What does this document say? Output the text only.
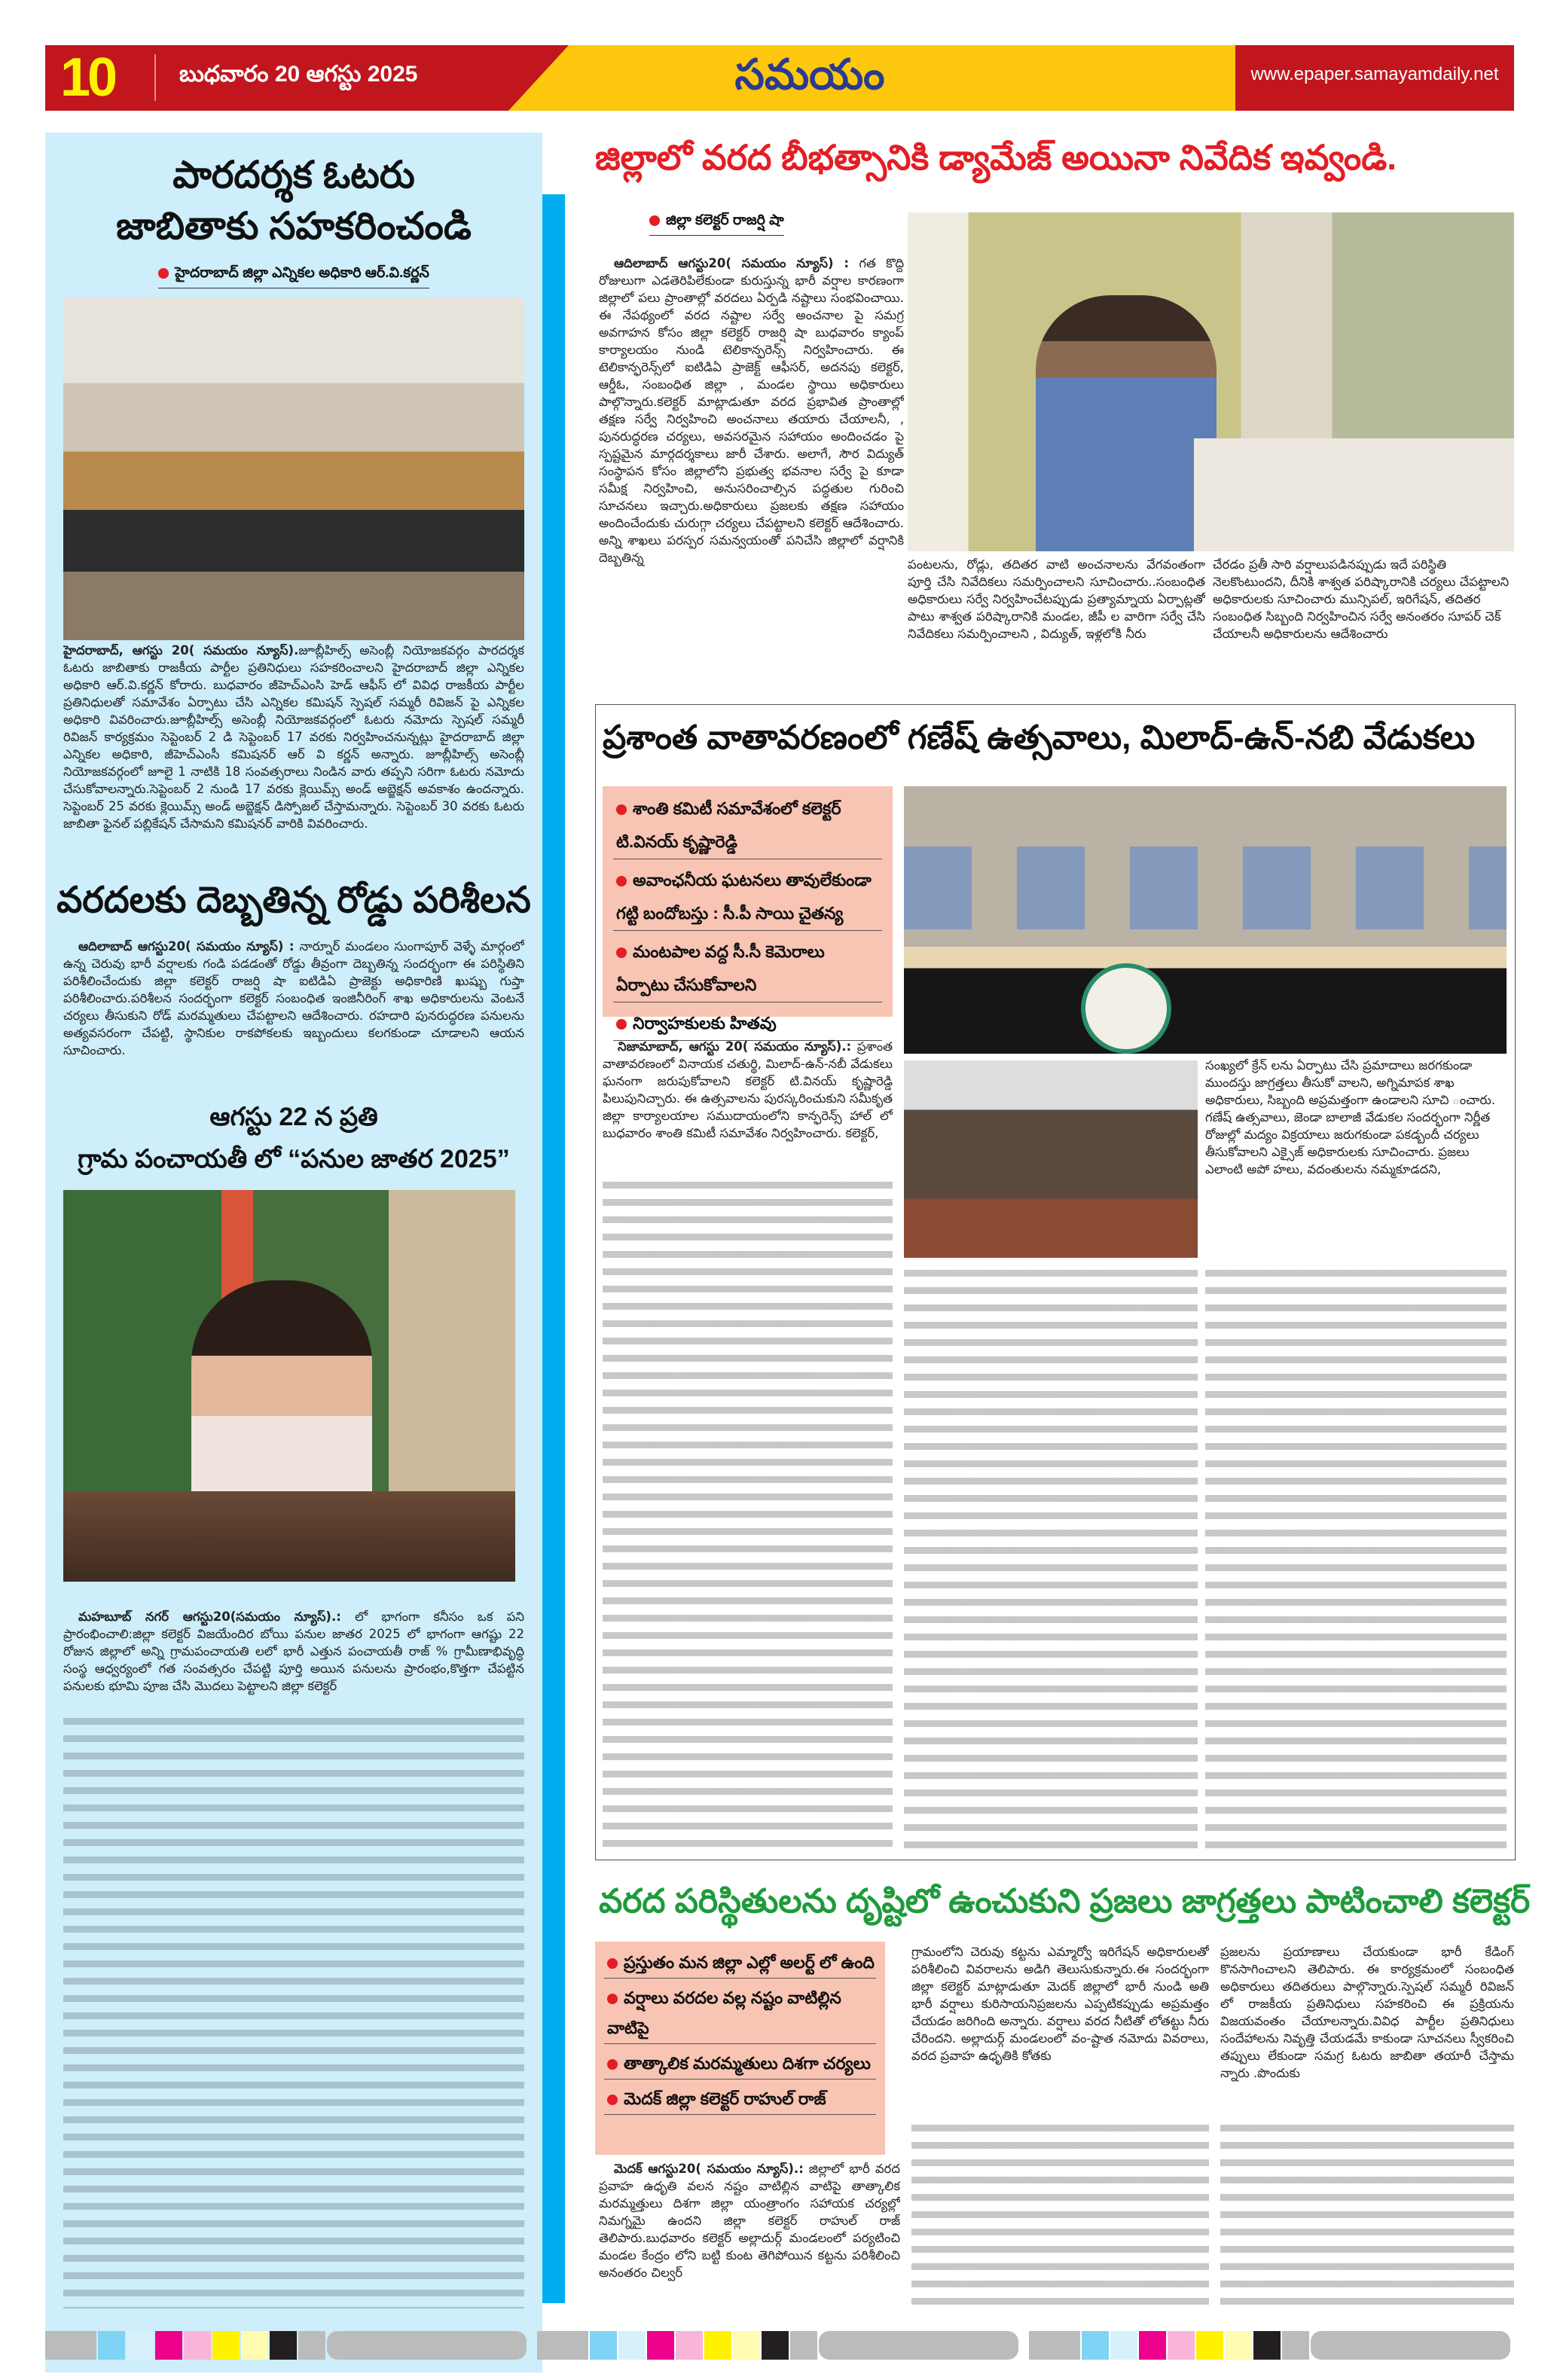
10	బుధవారం 20 ఆగస్టు 2025	సమయం	www.epaper.samayamdaily.net
పారదర్శక ఓటరు
జాబితాకు సహకరించండి
హైదరాబాద్ జిల్లా ఎన్నికల అధికారి ఆర్.వి.కర్ణన్
హైదరాబాద్, ఆగస్టు 20( సమయం న్యూస్).జూబ్లీహిల్స్ అసెంబ్లీ నియోజకవర్గం పారదర్శక ఓటరు జాబితాకు రాజకీయ పార్టీల ప్రతినిధులు సహకరించాలని హైదరాబాద్ జిల్లా ఎన్నికల అధికారి ఆర్.వి.కర్ణన్ కోరారు. బుధవారం జీహెచ్ఎంసి హెడ్ ఆఫీస్ లో వివిధ రాజకీయ పార్టీల ప్రతినిధులతో సమావేశం ఏర్పాటు చేసి ఎన్నికల కమిషన్ స్పెషల్ సమ్మరీ రివిజన్ పై ఎన్నికల అధికారి వివరించారు.జూబ్లీహిల్స్ అసెంబ్లీ నియోజకవర్గంలో ఓటరు నమోదు స్పెషల్ సమ్మరీ రివిజన్ కార్యక్రమం సెప్టెంబర్ 2 డి సెప్టెంబర్ 17 వరకు నిర్వహించనున్నట్లు హైదరాబాద్ జిల్లా ఎన్నికల అధికారి, జీహెచ్ఎంసీ కమిషనర్ ఆర్ వి కర్ణన్ అన్నారు. జూబ్లీహిల్స్ అసెంబ్లీ నియోజకవర్గంలో జూలై 1 నాటికి 18 సంవత్సరాలు నిండిన వారు తప్పని సరిగా ఓటరు నమోదు చేసుకోవాలన్నారు.సెప్టెంబర్ 2 నుండి 17 వరకు క్లెయిమ్స్ అండ్ అబ్జెక్షన్ అవకాశం ఉందన్నారు. సెప్టెంబర్ 25 వరకు క్లెయిమ్స్ అండ్ అబ్జెక్షన్ డిస్పోజల్ చేస్తామన్నారు. సెప్టెంబర్ 30 వరకు ఓటరు జాబితా ఫైనల్ పబ్లికేషన్ చేసామని కమిషనర్ వారికి వివరించారు.
వరదలకు దెబ్బతిన్న రోడ్డు పరిశీలన
ఆదిలాబాద్ ఆగస్టు20( సమయం న్యూస్) : నార్నూర్ మండలం సుంగాపూర్ వెళ్ళే మార్గంలో ఉన్న చెరువు భారీ వర్షాలకు గండి పడడంతో రోడ్డు తీవ్రంగా దెబ్బతిన్న సందర్భంగా ఈ పరిస్థితిని పరిశీలించేందుకు జిల్లా కలెక్టర్ రాజర్షి షా ఐటిడిఏ ప్రాజెక్టు అధికారిణి ఖుష్బు గుప్తా పరిశీలించారు.పరిశీలన సందర్భంగా కలెక్టర్ సంబంధిత ఇంజినీరింగ్ శాఖ అధికారులను వెంటనే చర్యలు తీసుకుని రోడ్ మరమ్మతులు చేపట్టాలని ఆదేశించారు. రహదారి పునరుద్ధరణ పనులను అత్యవసరంగా చేపట్టి, స్థానికుల రాకపోకలకు ఇబ్బందులు కలగకుండా చూడాలని ఆయన సూచించారు.
ఆగస్టు 22 న ప్రతి
గ్రామ పంచాయతీ లో “పనుల జాతర 2025”
మహబూబ్ నగర్ ఆగస్టు20(సమయం న్యూస్).: లో భాగంగా కనీసం ఒక పని ప్రారంభించాలి:జిల్లా కలెక్టర్ విజయేందిర బోయి పనుల జాతర 2025 లో భాగంగా ఆగష్టు 22 రోజున జిల్లాలో అన్ని గ్రామపంచాయతి లలో భారీ ఎత్తున పంచాయతీ రాజ్ % గ్రామీణాభివృద్ధి సంస్థ ఆధ్వర్యంలో గత సంవత్సరం చేపట్టి పూర్తి అయిన పనులను ప్రారంభం,కొత్తగా చేపట్టిన పనులకు భూమి పూజ చేసి మొదలు పెట్టాలని జిల్లా కలెక్టర్
జిల్లాలో వరద బీభత్సానికి డ్యామేజ్ అయినా నివేదిక ఇవ్వండి.
జిల్లా కలెక్టర్ రాజర్షి షా
ఆదిలాబాద్ ఆగస్టు20( సమయం న్యూస్) : గత కొద్ది రోజులుగా ఎడతెరిపిలేకుండా కురుస్తున్న భారీ వర్షాల కారణంగా జిల్లాలో పలు ప్రాంతాల్లో వరదలు ఏర్పడి నష్టాలు సంభవించాయి. ఈ నేపథ్యంలో వరద నష్టాల సర్వే అంచనాల పై సమగ్ర అవగాహన కోసం జిల్లా కలెక్టర్ రాజర్షి షా బుధవారం క్యాంప్ కార్యాలయం నుండి టెలికాన్ఫరెన్స్ నిర్వహించారు. ఈ టెలికాన్ఫరెన్స్‌లో ఐటిడిఏ ప్రాజెక్ట్ ఆఫీసర్, అదనపు కలెక్టర్, ఆర్డీఓ, సంబంధిత జిల్లా , మండల స్థాయి అధికారులు పాల్గొన్నారు.కలెక్టర్ మాట్లాడుతూ వరద ప్రభావిత ప్రాంతాల్లో తక్షణ సర్వే నిర్వహించి అంచనాలు తయారు చేయాలనీ, , పునరుద్ధరణ చర్యలు, అవసరమైన సహాయం అందించడం పై స్పష్టమైన మార్గదర్శకాలు జారీ చేశారు. అలాగే, సౌర విద్యుత్ సంస్థాపన కోసం జిల్లాలోని ప్రభుత్వ భవనాల సర్వే పై కూడా సమీక్ష నిర్వహించి, అనుసరించాల్సిన పద్ధతుల గురించి సూచనలు ఇచ్చారు.అధికారులు ప్రజలకు తక్షణ సహాయం అందించేందుకు చురుగ్గా చర్యలు చేపట్టాలని కలెక్టర్ ఆదేశించారు. అన్ని శాఖలు పరస్పర సమన్వయంతో పనిచేసి జిల్లాలో వర్షానికి దెబ్బతిన్న	పంటలను, రోడ్లు, తదితర వాటి అంచనాలను వేగవంతంగా పూర్తి చేసి నివేదికలు సమర్పించాలని సూచించారు..సంబంధిత అధికారులు సర్వే నిర్వహించేటప్పుడు ప్రత్యామ్నాయ ఏర్పాట్లతో పాటు శాశ్వత పరిష్కారానికి మండల, జీపీ ల వారిగా సర్వే చేసి నివేదికలు సమర్పించాలని , విద్యుత్, ఇళ్లలోకి నీరు
చేరడం ప్రతీ సారి వర్షాలుపడినప్పుడు ఇదే పరిస్థితి నెలకొంటుందని, దీనికి శాశ్వత పరిష్కారానికి చర్యలు చేపట్టాలని అధికారులకు సూచించారు మున్సిపల్, ఇరిగేషన్, తదితర సంబంధిత సిబ్బంది నిర్వహించిన సర్వే అనంతరం సూపర్ చెక్ చేయాలనీ అధికారులను ఆదేశించారు
ప్రశాంత వాతావరణంలో గణేష్ ఉత్సవాలు, మిలాద్-ఉన్-నబి వేడుకలు
శాంతి కమిటీ సమావేశంలో కలెక్టర్ టి.వినయ్ కృష్ణారెడ్డి
అవాంఛనీయ ఘటనలు తావులేకుండా గట్టి బందోబస్తు : సీ.పీ సాయి చైతన్య
మంటపాల వద్ద సీ.సీ కెమెరాలు ఏర్పాటు చేసుకోవాలని
నిర్వాహకులకు హితవు
నిజామాబాద్, ఆగస్టు 20( సమయం న్యూస్).: ప్రశాంత వాతావరణంలో వినాయక చతుర్థి, మిలాద్-ఉన్-నబీ వేడుకలు ఘనంగా జరుపుకోవాలని కలెక్టర్ టి.వినయ్ కృష్ణారెడ్డి పిలుపునిచ్చారు. ఈ ఉత్సవాలను పురస్కరించుకుని సమీకృత జిల్లా కార్యాలయాల సముదాయంలోని కాన్ఫరెన్స్ హాల్ లో బుధవారం శాంతి కమిటీ సమావేశం నిర్వహించారు. కలెక్టర్,
సంఖ్యలో క్రేన్ లను ఏర్పాటు చేసి ప్రమాదాలు జరగకుండా ముందస్తు జాగ్రత్తలు తీసుకో వాలని, అగ్నిమాపక శాఖ అధికారులు, సిబ్బంది అప్రమత్తంగా ఉండాలని సూచి ంచారు. గణేష్ ఉత్సవాలు, జెండా బాలాజీ వేడుకల సందర్భంగా నిర్ణీత రోజుల్లో మద్యం విక్రయాలు జరుగకుండా పకడ్బందీ చర్యలు తీసుకోవాలని ఎక్సైజ్ అధికారులకు సూచించారు. ప్రజలు ఎలాంటి అపో హలు, వదంతులను నమ్మకూడదని,
వరద పరిస్థితులను దృష్టిలో ఉంచుకుని ప్రజలు జాగ్రత్తలు పాటించాలి కలెక్టర్
ప్రస్తుతం మన జిల్లా ఎల్లో అలర్ట్ లో ఉంది
వర్షాలు వరదల వల్ల నష్టం వాటిల్లిన వాటిపై
తాత్కాలిక మరమ్మతులు దిశగా చర్యలు
మెదక్ జిల్లా కలెక్టర్ రాహుల్ రాజ్
మెదక్ ఆగస్టు20( సమయం న్యూస్).: జిల్లాలో భారీ వరద ప్రవాహ ఉధృతి వలన నష్టం వాటిల్లిన వాటిపై తాత్కాలిక మరమ్మత్తులు దిశగా జిల్లా యంత్రాంగం సహాయక చర్యల్లో నిమగ్నమై ఉందని జిల్లా కలెక్టర్ రాహుల్ రాజ్ తెలిపారు.బుధవారం కలెక్టర్ అల్లాదుర్గ్ మండలంలో పర్యటించి మండల కేంద్రం లోని బట్టి కుంట తెగిపోయిన కట్టను పరిశీలించి అనంతరం చిల్వర్
గ్రామంలోని చెరువు కట్టను ఎమ్మార్వో ఇరిగేషన్ అధికారులతో పరిశీలించి వివరాలను అడిగి తెలుసుకున్నారు.ఈ సందర్భంగా జిల్లా కలెక్టర్ మాట్లాడుతూ మెదక్ జిల్లాలో భారీ నుండి అతి భారీ వర్షాలు కురిసాయనిప్రజలను ఎప్పటికప్పుడు అప్రమత్తం చేయడం జరిగింది అన్నారు. వర్షాలు వరద నీటితో లోతట్టు నీరు చేరిందని. అల్లాదుర్గ్ మండలంలో వం-ష్టాత నమోదు వివరాలు, వరద ప్రవాహ ఉధృతికి కోతకు
ప్రజలను ప్రయాణాలు చేయకుండా భారీ కేడింగ్ కొనసాగించాలని తెలిపారు. ఈ కార్యక్రమంలో సంబంధిత అధికారులు తదితరులు పాల్గొన్నారు.స్పెషల్ సమ్మరీ రివిజన్ లో రాజకీయ ప్రతినిధులు సహకరించి ఈ ప్రక్రియను విజయవంతం చేయాలన్నారు.వివిధ పార్టీల ప్రతినిధులు సందేహాలను నివృత్తి చేయడమే కాకుండా సూచనలు స్వీకరించి తప్పులు లేకుండా సమగ్ర ఓటరు జాబితా తయారీ చేస్తామ న్నారు .పొందుకు
